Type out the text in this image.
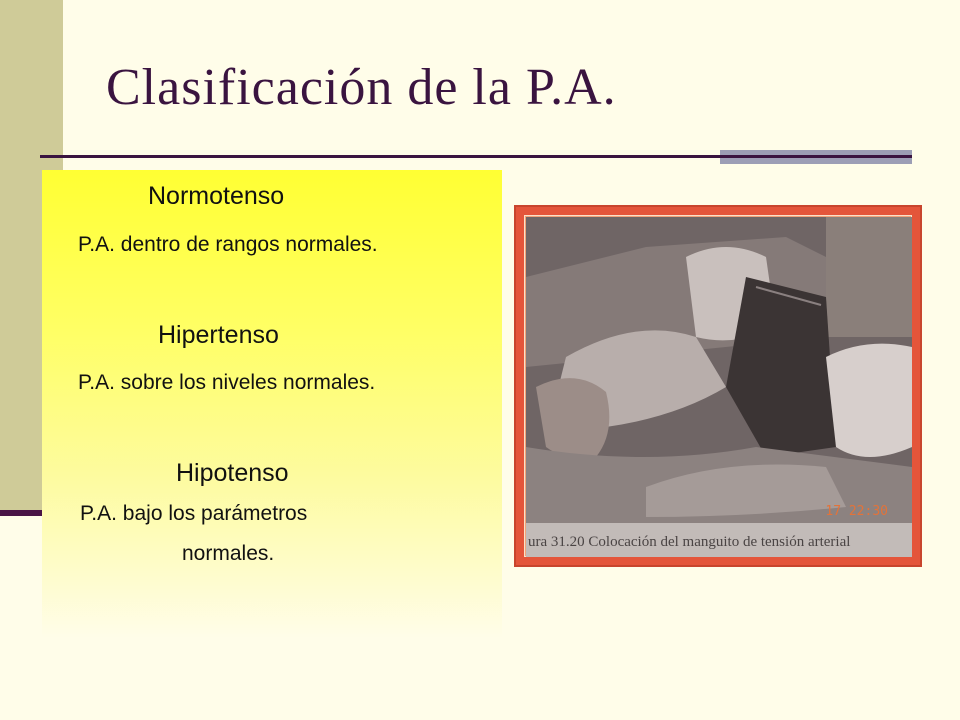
Clasificación de la P.A.
Normotenso
P.A. dentro de rangos normales.
Hipertenso
P.A. sobre los niveles normales.
Hipotenso
P.A. bajo los parámetros
normales.
17 22:30
ura 31.20 Colocación del manguito de tensión arterial
